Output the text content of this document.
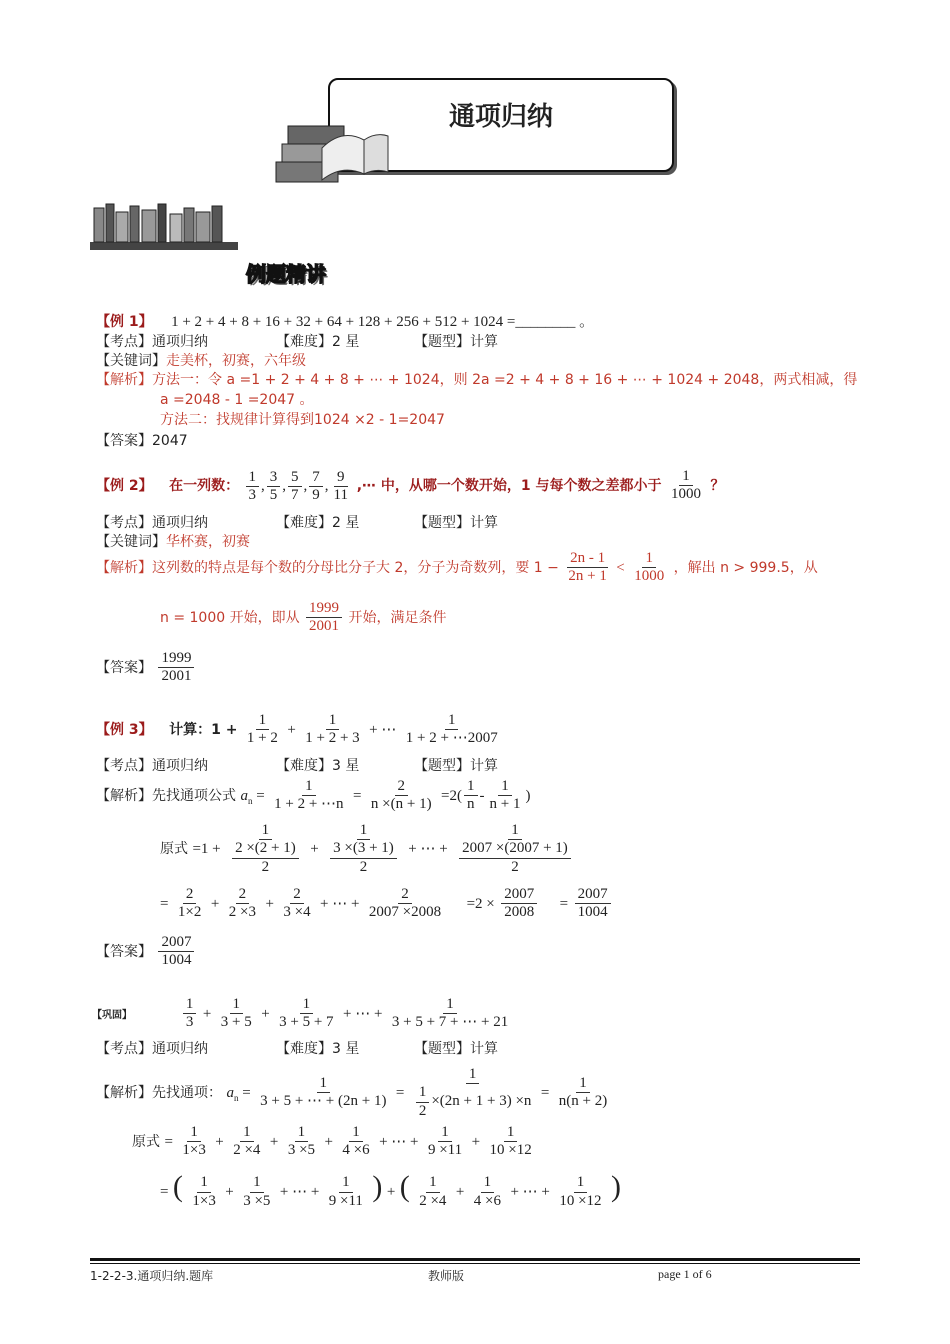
通项归纳
例题精讲
【例 1】 1 + 2 + 4 + 8 + 16 + 32 + 64 + 128 + 256 + 512 + 1024 =________ 。
【考点】通项归纳	【难度】2 星	【题型】计算
【关键词】走美杯，初赛，六年级
【解析】方法一：令 a =1 + 2 + 4 + 8 + ⋯ + 1024，则 2a =2 + 4 + 8 + 16 + ⋯ + 1024 + 2048，两式相减，得
a =2048 - 1 =2047 。
方法二：找规律计算得到1024 ×2 - 1=2047
【答案】2047
【例 2】 在一列数： $\frac{1}{3}$ , $\frac{3}{5}$ , $\frac{5}{7}$ , $\frac{7}{9}$ , $\frac{9}{11}$ ,⋯ 中，从哪一个数开始，1 与每个数之差都小于 $\frac{1}{1000}$ ？
【考点】通项归纳	【难度】2 星	【题型】计算
【关键词】华杯赛，初赛
【解析】这列数的特点是每个数的分母比分子大 2，分子为奇数列，要 $1 - \frac{2n - 1}{2n + 1} < \frac{1}{1000}$ ，解出 n > 999.5，从
n = 1000 开始，即从 $\frac{1999}{2001}$ 开始，满足条件
【答案】 $\frac{1999}{2001}$
【例 3】 计算：$1 + \frac{1}{1 + 2} + \frac{1}{1 + 2 + 3}$ + ⋯ $\frac{1}{1 + 2 + \cdots 2007}$
【考点】通项归纳	【难度】3 星	【题型】计算
【解析】先找通项公式 $a_n = \frac{1}{1 + 2 + \cdots n} = \frac{2}{n \times(n + 1)} =2( \frac{1}{n} - \frac{1}{n + 1}$ )
原式 $=1 + \frac{1}{\frac{2 \times(2 + 1)}{2}} + \frac{1}{\frac{3 \times(3 + 1)}{2}}$ + ⋯ + $\frac{1}{\frac{2007 \times(2007 + 1)}{2}}$
= $\frac{2}{1\times 2} + \frac{2}{2 \times 3} + \frac{2}{3 \times 4}$ + ⋯ + $\frac{2}{2007 \times 2008} =2 \times \frac{2007}{2008} = \frac{2007}{1004}$
【答案】 $\frac{2007}{1004}$
【巩固】	$\frac{1}{3} + \frac{1}{3 + 5} + \frac{1}{3 + 5 + 7}$ + ⋯ + $\frac{1}{3 + 5 + 7 + \cdots + 21}$
【考点】通项归纳	【难度】3 星	【题型】计算
【解析】先找通项： $a_n = \frac{1}{3 + 5 + \cdots + (2n + 1)} = \frac{1}{\frac{1}{2} \times(2n + 1 + 3) \times n} = \frac{1}{n(n + 2)}$
原式 = $\frac{1}{1\times 3} + \frac{1}{2 \times 4} + \frac{1}{3 \times 5} + \frac{1}{4 \times 6}$ + ⋯ + $\frac{1}{9 \times 11} + \frac{1}{10 \times 12}$
= ( $\frac{1}{1\times 3} + \frac{1}{3 \times 5}$ + ⋯ + $\frac{1}{9 \times 11}$ ) + ( $\frac{1}{2 \times 4} + \frac{1}{4 \times 6}$ + ⋯ + $\frac{1}{10 \times 12}$ )
1-2-2-3.通项归纳.题库	教师版	page 1 of 6
